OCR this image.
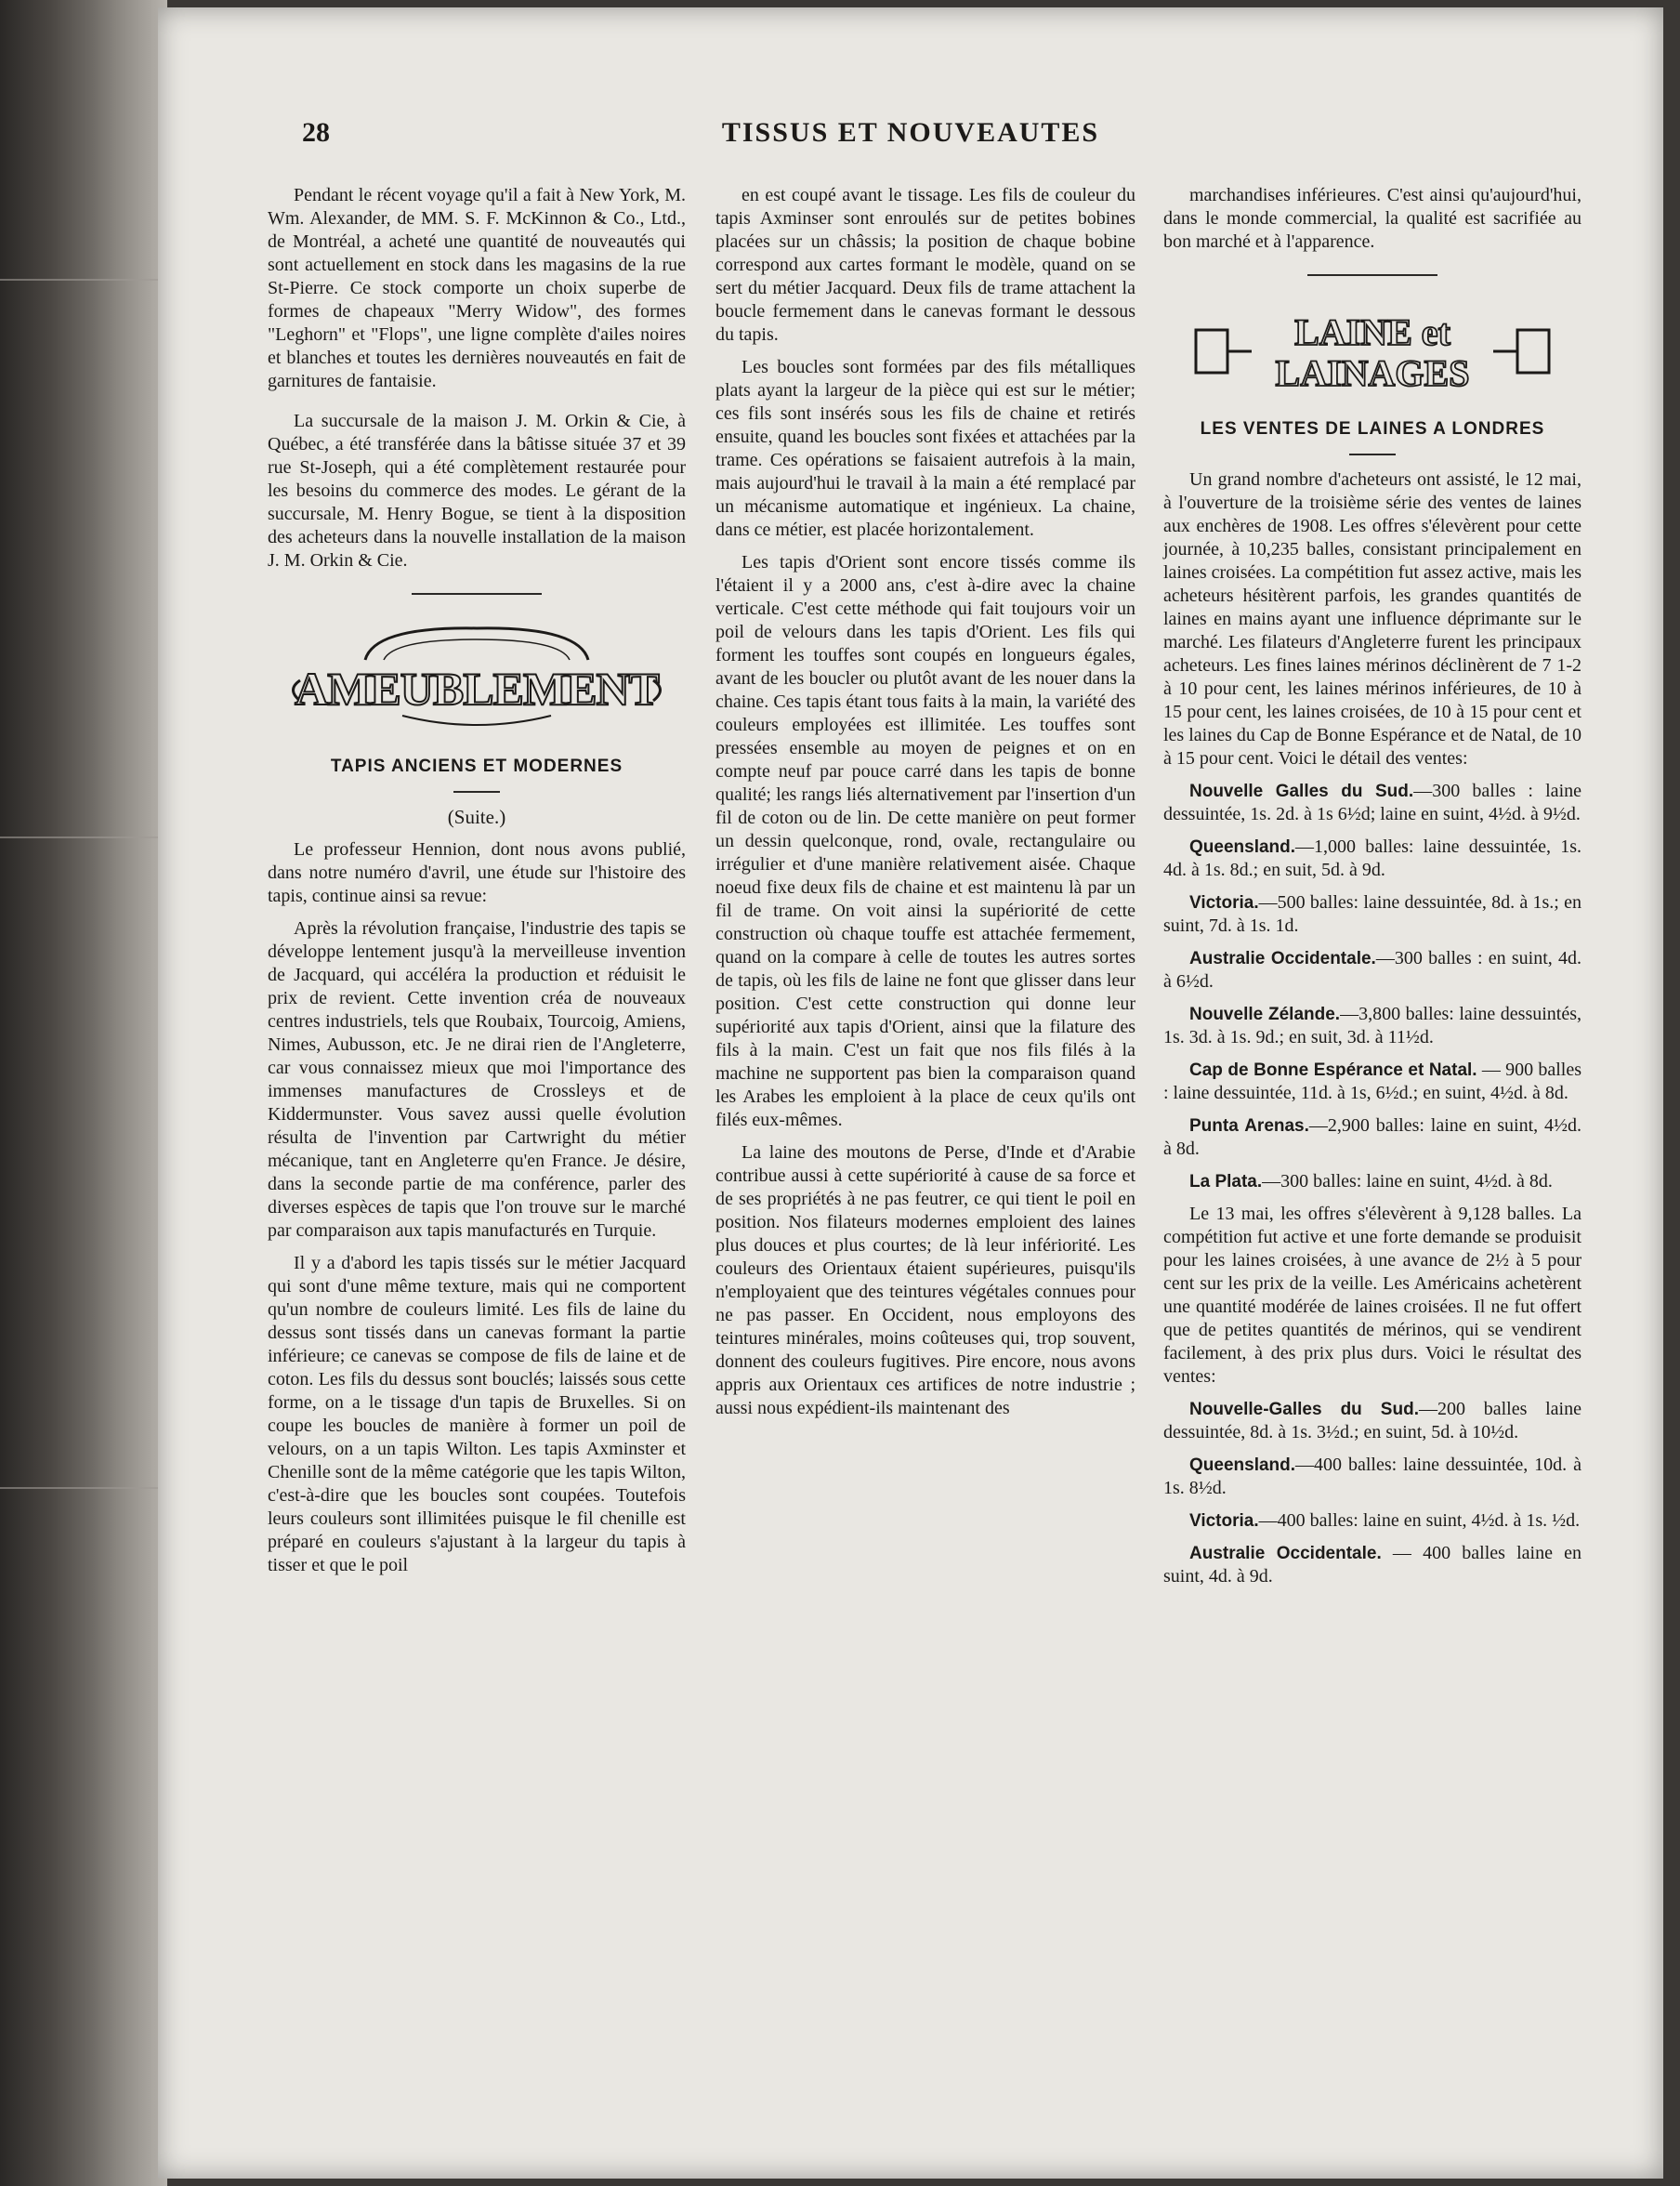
28	TISSUS ET NOUVEAUTES

Pendant le récent voyage qu'il a fait à New York, M. Wm. Alexander, de MM. S. F. McKinnon & Co., Ltd., de Montréal, a acheté une quantité de nouveautés qui sont actuellement en stock dans les magasins de la rue St-Pierre. Ce stock comporte un choix superbe de formes de chapeaux "Merry Widow", des formes "Leghorn" et "Flops", une ligne complète d'ailes noires et blanches et toutes les dernières nouveautés en fait de garnitures de fantaisie.

La succursale de la maison J. M. Orkin & Cie, à Québec, a été transférée dans la bâtisse située 37 et 39 rue St-Joseph, qui a été complètement restaurée pour les besoins du commerce des modes. Le gérant de la succursale, M. Henry Bogue, se tient à la disposition des acheteurs dans la nouvelle installation de la maison J. M. Orkin & Cie.

AMEUBLEMENT
TAPIS ANCIENS ET MODERNES
(Suite.)

Le professeur Hennion, dont nous avons publié, dans notre numéro d'avril, une étude sur l'histoire des tapis, continue ainsi sa revue:

Après la révolution française, l'industrie des tapis se développe lentement jusqu'à la merveilleuse invention de Jacquard, qui accéléra la production et réduisit le prix de revient. Cette invention créa de nouveaux centres industriels, tels que Roubaix, Tourcoig, Amiens, Nimes, Aubusson, etc. Je ne dirai rien de l'Angleterre, car vous connaissez mieux que moi l'importance des immenses manufactures de Crossleys et de Kiddermunster. Vous savez aussi quelle évolution résulta de l'invention par Cartwright du métier mécanique, tant en Angleterre qu'en France. Je désire, dans la seconde partie de ma conférence, parler des diverses espèces de tapis que l'on trouve sur le marché par comparaison aux tapis manufacturés en Turquie.

Il y a d'abord les tapis tissés sur le métier Jacquard qui sont d'une même texture, mais qui ne comportent qu'un nombre de couleurs limité. Les fils de laine du dessus sont tissés dans un canevas formant la partie inférieure; ce canevas se compose de fils de laine et de coton. Les fils du dessus sont bouclés; laissés sous cette forme, on a le tissage d'un tapis de Bruxelles. Si on coupe les boucles de manière à former un poil de velours, on a un tapis Wilton. Les tapis Axminster et Chenille sont de la même catégorie que les tapis Wilton, c'est-à-dire que les boucles sont coupées. Toutefois leurs couleurs sont illimitées puisque le fil chenille est préparé en couleurs s'ajustant à la largeur du tapis à tisser et que le poil

en est coupé avant le tissage. Les fils de couleur du tapis Axminser sont enroulés sur de petites bobines placées sur un châssis; la position de chaque bobine correspond aux cartes formant le modèle, quand on se sert du métier Jacquard. Deux fils de trame attachent la boucle fermement dans le canevas formant le dessous du tapis.

Les boucles sont formées par des fils métalliques plats ayant la largeur de la pièce qui est sur le métier; ces fils sont insérés sous les fils de chaine et retirés ensuite, quand les boucles sont fixées et attachées par la trame. Ces opérations se faisaient autrefois à la main, mais aujourd'hui le travail à la main a été remplacé par un mécanisme automatique et ingénieux. La chaine, dans ce métier, est placée horizontalement.

Les tapis d'Orient sont encore tissés comme ils l'étaient il y a 2000 ans, c'est à-dire avec la chaine verticale. C'est cette méthode qui fait toujours voir un poil de velours dans les tapis d'Orient. Les fils qui forment les touffes sont coupés en longueurs égales, avant de les boucler ou plutôt avant de les nouer dans la chaine. Ces tapis étant tous faits à la main, la variété des couleurs employées est illimitée. Les touffes sont pressées ensemble au moyen de peignes et on en compte neuf par pouce carré dans les tapis de bonne qualité; les rangs liés alternativement par l'insertion d'un fil de coton ou de lin. De cette manière on peut former un dessin quelconque, rond, ovale, rectangulaire ou irrégulier et d'une manière relativement aisée. Chaque noeud fixe deux fils de chaine et est maintenu là par un fil de trame. On voit ainsi la supériorité de cette construction où chaque touffe est attachée fermement, quand on la compare à celle de toutes les autres sortes de tapis, où les fils de laine ne font que glisser dans leur position. C'est cette construction qui donne leur supériorité aux tapis d'Orient, ainsi que la filature des fils à la main. C'est un fait que nos fils filés à la machine ne supportent pas bien la comparaison quand les Arabes les emploient à la place de ceux qu'ils ont filés eux-mêmes.

La laine des moutons de Perse, d'Inde et d'Arabie contribue aussi à cette supériorité à cause de sa force et de ses propriétés à ne pas feutrer, ce qui tient le poil en position. Nos filateurs modernes emploient des laines plus douces et plus courtes; de là leur infériorité. Les couleurs des Orientaux étaient supérieures, puisqu'ils n'employaient que des teintures végétales connues pour ne pas passer. En Occident, nous employons des teintures minérales, moins coûteuses qui, trop souvent, donnent des couleurs fugitives. Pire encore, nous avons appris aux Orientaux ces artifices de notre industrie ; aussi nous expédient-ils maintenant des

marchandises inférieures. C'est ainsi qu'aujourd'hui, dans le monde commercial, la qualité est sacrifiée au bon marché et à l'apparence.

LAINE et
LAINAGES
LES VENTES DE LAINES A LONDRES

Un grand nombre d'acheteurs ont assisté, le 12 mai, à l'ouverture de la troisième série des ventes de laines aux enchères de 1908. Les offres s'élevèrent pour cette journée, à 10,235 balles, consistant principalement en laines croisées. La compétition fut assez active, mais les acheteurs hésitèrent parfois, les grandes quantités de laines en mains ayant une influence déprimante sur le marché. Les filateurs d'Angleterre furent les principaux acheteurs. Les fines laines mérinos déclinèrent de 7 1-2 à 10 pour cent, les laines mérinos inférieures, de 10 à 15 pour cent, les laines croisées, de 10 à 15 pour cent et les laines du Cap de Bonne Espérance et de Natal, de 10 à 15 pour cent. Voici le détail des ventes:

Nouvelle Galles du Sud.—300 balles : laine dessuintée, 1s. 2d. à 1s 6½d; laine en suint, 4½d. à 9½d.

Queensland.—1,000 balles: laine dessuintée, 1s. 4d. à 1s. 8d.; en suit, 5d. à 9d.

Victoria.—500 balles: laine dessuintée, 8d. à 1s.; en suint, 7d. à 1s. 1d.

Australie Occidentale.—300 balles : en suint, 4d. à 6½d.

Nouvelle Zélande.—3,800 balles: laine dessuintés, 1s. 3d. à 1s. 9d.; en suit, 3d. à 11½d.

Cap de Bonne Espérance et Natal. — 900 balles : laine dessuintée, 11d. à 1s, 6½d.; en suint, 4½d. à 8d.

Punta Arenas.—2,900 balles: laine en suint, 4½d. à 8d.

La Plata.—300 balles: laine en suint, 4½d. à 8d.

Le 13 mai, les offres s'élevèrent à 9,128 balles. La compétition fut active et une forte demande se produisit pour les laines croisées, à une avance de 2½ à 5 pour cent sur les prix de la veille. Les Américains achetèrent une quantité modérée de laines croisées. Il ne fut offert que de petites quantités de mérinos, qui se vendirent facilement, à des prix plus durs. Voici le résultat des ventes:

Nouvelle-Galles du Sud.—200 balles laine dessuintée, 8d. à 1s. 3½d.; en suint, 5d. à 10½d.

Queensland.—400 balles: laine dessuintée, 10d. à 1s. 8½d.

Victoria.—400 balles: laine en suint, 4½d. à 1s. ½d.

Australie Occidentale. — 400 balles laine en suint, 4d. à 9d.
